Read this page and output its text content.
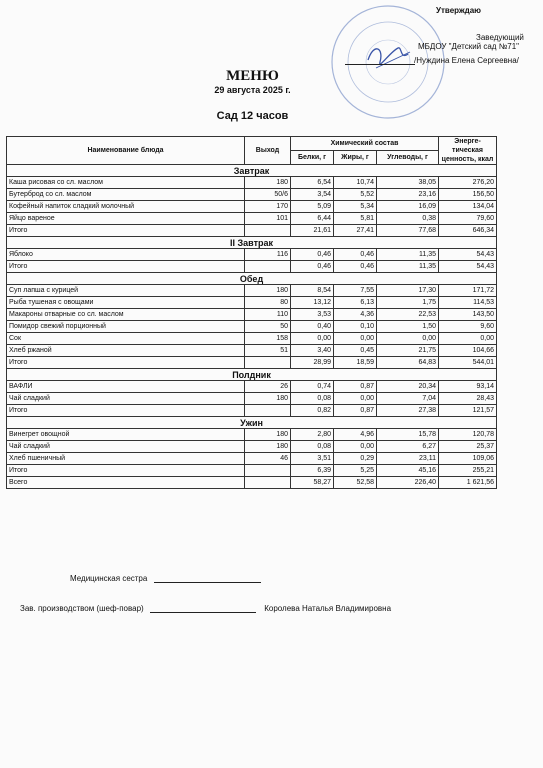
Утверждаю
Заведующий
МБДОУ "Детский сад №71"
/Нуждина Елена Сергеевна/
МЕНЮ
29 августа 2025 г.
Сад 12 часов
Наименование блюда	Выход	Химический состав			Энерге-тическая ценность, ккал
		Белки, г	Жиры, г	Углеводы, г	
Завтрак					
Каша рисовая со сл. маслом	180	6,54	10,74	38,05	276,20
Бутерброд со сл. маслом	50/6	3,54	5,52	23,16	156,50
Кофейный напиток сладкий молочный	170	5,09	5,34	16,09	134,04
Яйцо вареное	101	6,44	5,81	0,38	79,60
Итого		21,61	27,41	77,68	646,34
II Завтрак					
Яблоко	116	0,46	0,46	11,35	54,43
Итого		0,46	0,46	11,35	54,43
Обед					
Суп лапша с курицей	180	8,54	7,55	17,30	171,72
Рыба тушеная с овощами	80	13,12	6,13	1,75	114,53
Макароны отварные со сл. маслом	110	3,53	4,36	22,53	143,50
Помидор свежий порционный	50	0,40	0,10	1,50	9,60
Сок	158	0,00	0,00	0,00	0,00
Хлеб ржаной	51	3,40	0,45	21,75	104,66
Итого		28,99	18,59	64,83	544,01
Полдник					
ВАФЛИ	26	0,74	0,87	20,34	93,14
Чай сладкий	180	0,08	0,00	7,04	28,43
Итого		0,82	0,87	27,38	121,57
Ужин					
Винегрет овощной	180	2,80	4,96	15,78	120,78
Чай сладкий	180	0,08	0,00	6,27	25,37
Хлеб пшеничный	46	3,51	0,29	23,11	109,06
Итого		6,39	5,25	45,16	255,21
Всего		58,27	52,58	226,40	1 621,56
Медицинская сестра
Зав. производством (шеф-повар)	Королева Наталья Владимировна
